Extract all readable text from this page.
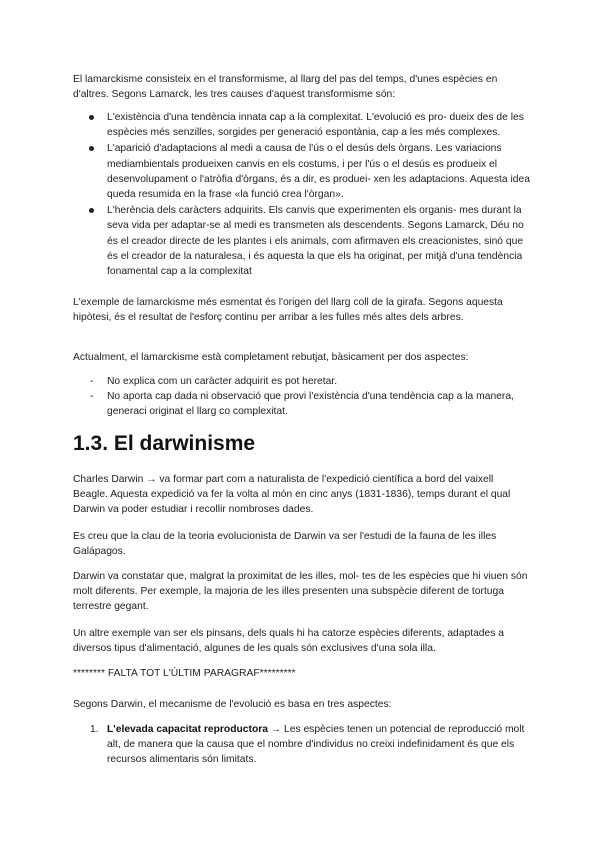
El lamarckisme consisteix en el transformisme, al llarg del pas del temps, d'unes espècies en d'altres. Segons Lamarck, les tres causes d'aquest transformisme són:

L'existència d'una tendència innata cap a la complexitat. L'evolució es pro- dueix des de les espècies més senzilles, sorgides per generació espontània, cap a les més complexes.
L'aparició d'adaptacions al medi a causa de l'ús o el desús dels òrgans. Les variacions mediambientals produeixen canvis en els costums, i per l'ús o el desús es produeix el desenvolupament o l'atròfia d'òrgans, és a dir, es produei- xen les adaptacions. Aquesta idea queda resumida en la frase «la funció crea l'òrgan».
L'herència dels caràcters adquirits. Els canvis que experimenten els organis- mes durant la seva vida per adaptar-se al medi es transmeten als descendents. Segons Lamarck, Déu no és el creador directe de les plantes i els animals, com afirmaven els creacionistes, sinó que és el creador de la naturalesa, i és aquesta la que els ha originat, per mitjà d'una tendència fonamental cap a la complexitat

L'exemple de lamarckisme més esmentat és l'origen del llarg coll de la girafa. Segons aquesta hipòtesi, és el resultat de l'esforç continu per arribar a les fulles més altes dels arbres.

Actualment, el lamarckisme està completament rebutjat, bàsicament per dos aspectes:

- No explica com un caràcter adquirit es pot heretar.
- No aporta cap dada ni observació que provi l'existència d'una tendència cap a la manera, generaci originat el llarg co complexitat.
1.3. El darwinisme

Charles Darwin → va formar part com a naturalista de l'expedició científica a bord del vaixell Beagle. Aquesta expedició va fer la volta al món en cinc anys (1831-1836), temps durant el qual Darwin va poder estudiar i recollir nombroses dades.

Es creu que la clau de la teoria evolucionista de Darwin va ser l'estudi de la fauna de les illes Galápagos.

Darwin va constatar que, malgrat la proximitat de les illes, mol- tes de les espècies que hi viuen són molt diferents. Per exemple, la majoria de les illes presenten una subspècie diferent de tortuga terrestre gegant.

Un altre exemple van ser els pinsans, dels quals hi ha catorze espècies diferents, adaptades a diversos tipus d'alimentació, algunes de les quals són exclusives d'una sola illa.

******** FALTA TOT L'ÚLTIM PARAGRAF*********

Segons Darwin, el mecanisme de l'evolució es basa en tres aspectes:

1. L'elevada capacitat reproductora → Les espècies tenen un potencial de reproducció molt alt, de manera que la causa que el nombre d'individus no creixi indefinidament és que els recursos alimentaris són limitats.
